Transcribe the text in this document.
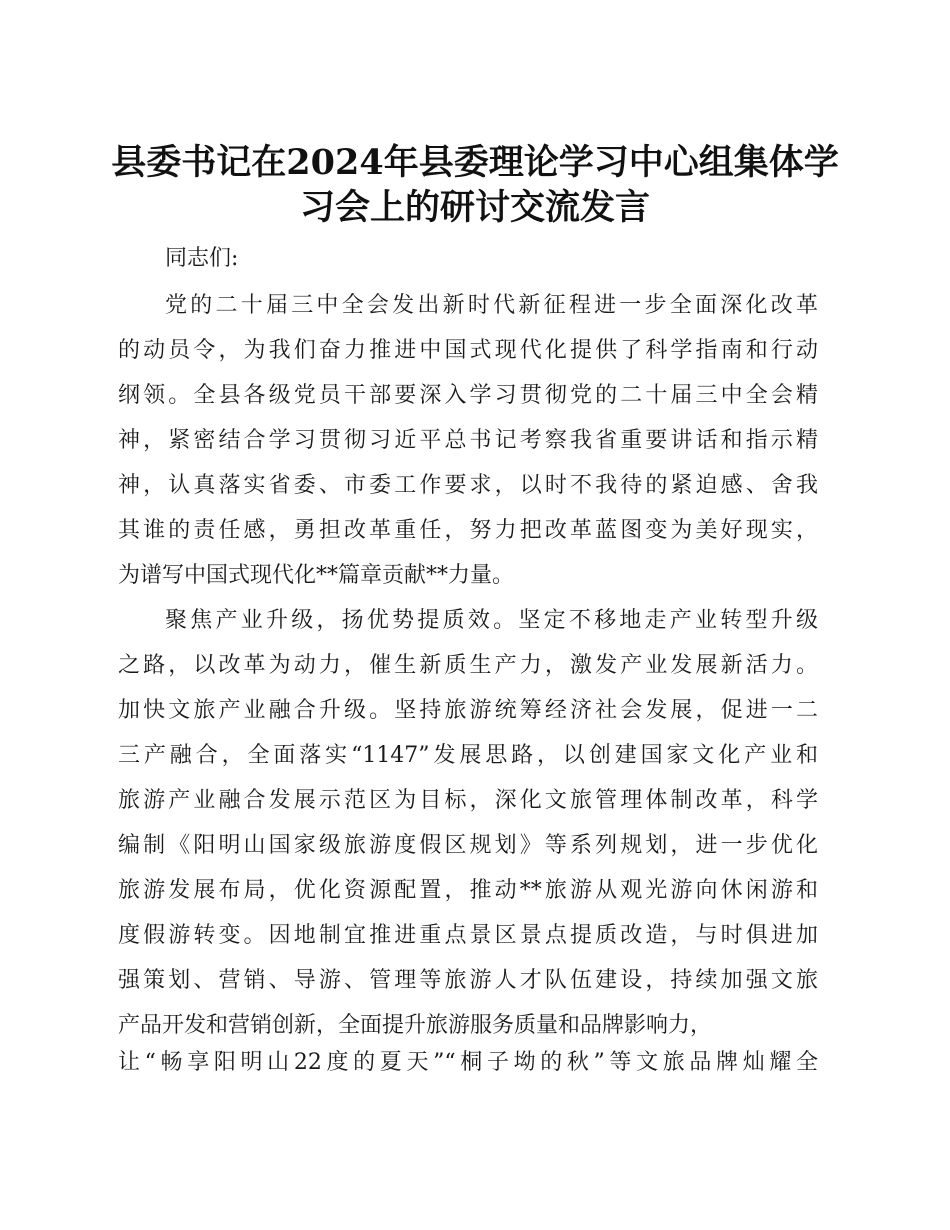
县委书记在2024年县委理论学习中心组集体学
习会上的研讨交流发言

同志们:

党的二十届三中全会发出新时代新征程进一步全面深化改革

的动员令，为我们奋力推进中国式现代化提供了科学指南和行动

纲领。全县各级党员干部要深入学习贯彻党的二十届三中全会精

神，紧密结合学习贯彻习近平总书记考察我省重要讲话和指示精

神，认真落实省委、市委工作要求，以时不我待的紧迫感、舍我

其谁的责任感，勇担改革重任，努力把改革蓝图变为美好现实，

为谱写中国式现代化**篇章贡献**力量。

聚焦产业升级，扬优势提质效。坚定不移地走产业转型升级

之路，以改革为动力，催生新质生产力，激发产业发展新活力。

加快文旅产业融合升级。坚持旅游统筹经济社会发展，促进一二

三产融合，全面落实“1147”发展思路，以创建国家文化产业和

旅游产业融合发展示范区为目标，深化文旅管理体制改革，科学

编制《阳明山国家级旅游度假区规划》等系列规划，进一步优化

旅游发展布局，优化资源配置，推动**旅游从观光游向休闲游和

度假游转变。因地制宜推进重点景区景点提质改造，与时俱进加

强策划、营销、导游、管理等旅游人才队伍建设，持续加强文旅

产品开发和营销创新，全面提升旅游服务质量和品牌影响力，

让“畅享阳明山22度的夏天”“桐子坳的秋”等文旅品牌灿耀全
